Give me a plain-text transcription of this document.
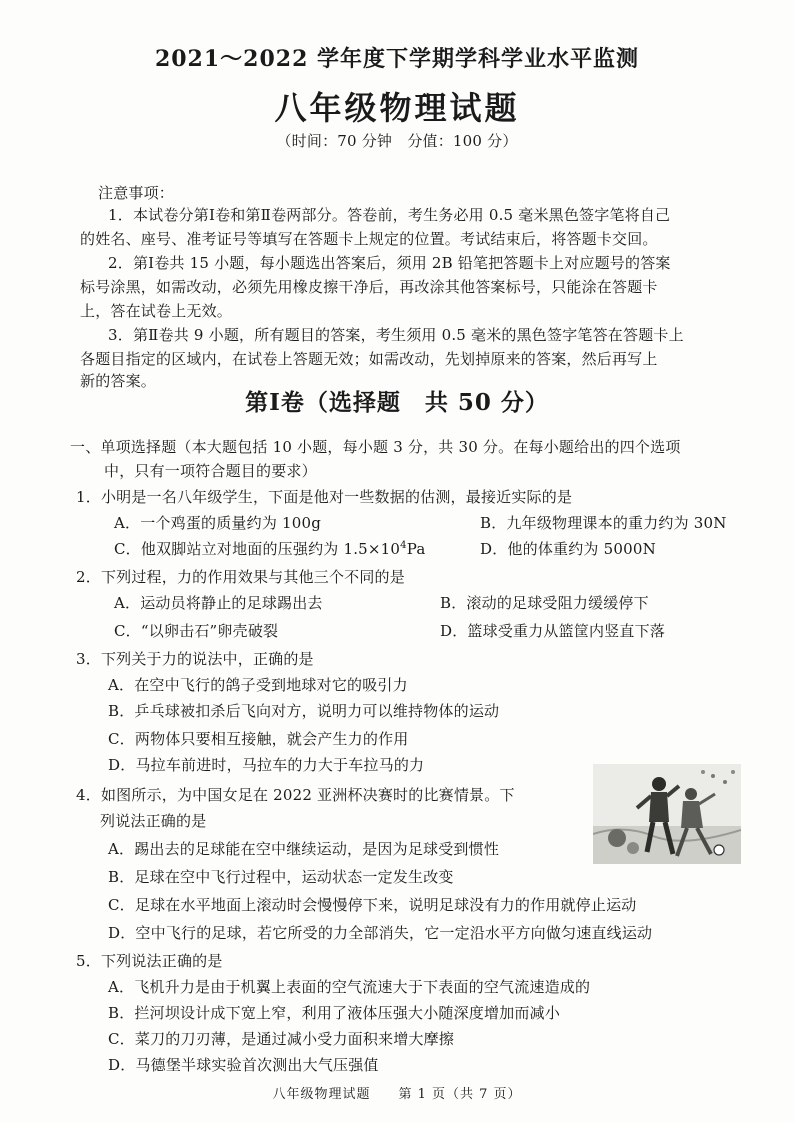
2021～2022 学年度下学期学科学业水平监测
八年级物理试题
（时间：70 分钟　分值：100 分）
注意事项：
1．本试卷分第Ⅰ卷和第Ⅱ卷两部分。答卷前，考生务必用 0.5 毫米黑色签字笔将自己
的姓名、座号、准考证号等填写在答题卡上规定的位置。考试结束后，将答题卡交回。
2．第Ⅰ卷共 15 小题，每小题选出答案后，须用 2B 铅笔把答题卡上对应题号的答案
标号涂黑，如需改动，必须先用橡皮擦干净后，再改涂其他答案标号，只能涂在答题卡
上，答在试卷上无效。
3．第Ⅱ卷共 9 小题，所有题目的答案，考生须用 0.5 毫米的黑色签字笔答在答题卡上
各题目指定的区域内，在试卷上答题无效；如需改动，先划掉原来的答案，然后再写上
新的答案。
第Ⅰ卷（选择题　共 50 分）
一、单项选择题（本大题包括 10 小题，每小题 3 分，共 30 分。在每小题给出的四个选项
中，只有一项符合题目的要求）
1．小明是一名八年级学生，下面是他对一些数据的估测，最接近实际的是
A．一个鸡蛋的质量约为 100g	B．九年级物理课本的重力约为 30N
C．他双脚站立对地面的压强约为 $1.5\times 10^4Pa$	D．他的体重约为 5000N
2．下列过程，力的作用效果与其他三个不同的是
A．运动员将静止的足球踢出去	B．滚动的足球受阻力缓缓停下
C．“以卵击石”卵壳破裂	D．篮球受重力从篮筐内竖直下落
3．下列关于力的说法中，正确的是
A．在空中飞行的鸽子受到地球对它的吸引力
B．乒乓球被扣杀后飞向对方，说明力可以维持物体的运动
C．两物体只要相互接触，就会产生力的作用
D．马拉车前进时，马拉车的力大于车拉马的力
4．如图所示，为中国女足在 2022 亚洲杯决赛时的比赛情景。下
列说法正确的是
A．踢出去的足球能在空中继续运动，是因为足球受到惯性
B．足球在空中飞行过程中，运动状态一定发生改变
C．足球在水平地面上滚动时会慢慢停下来，说明足球没有力的作用就停止运动
D．空中飞行的足球，若它所受的力全部消失，它一定沿水平方向做匀速直线运动
5．下列说法正确的是
A．飞机升力是由于机翼上表面的空气流速大于下表面的空气流速造成的
B．拦河坝设计成下宽上窄，利用了液体压强大小随深度增加而减小
C．菜刀的刀刃薄，是通过减小受力面积来增大摩擦
D．马德堡半球实验首次测出大气压强值
八年级物理试题　　第 1 页（共 7 页）
